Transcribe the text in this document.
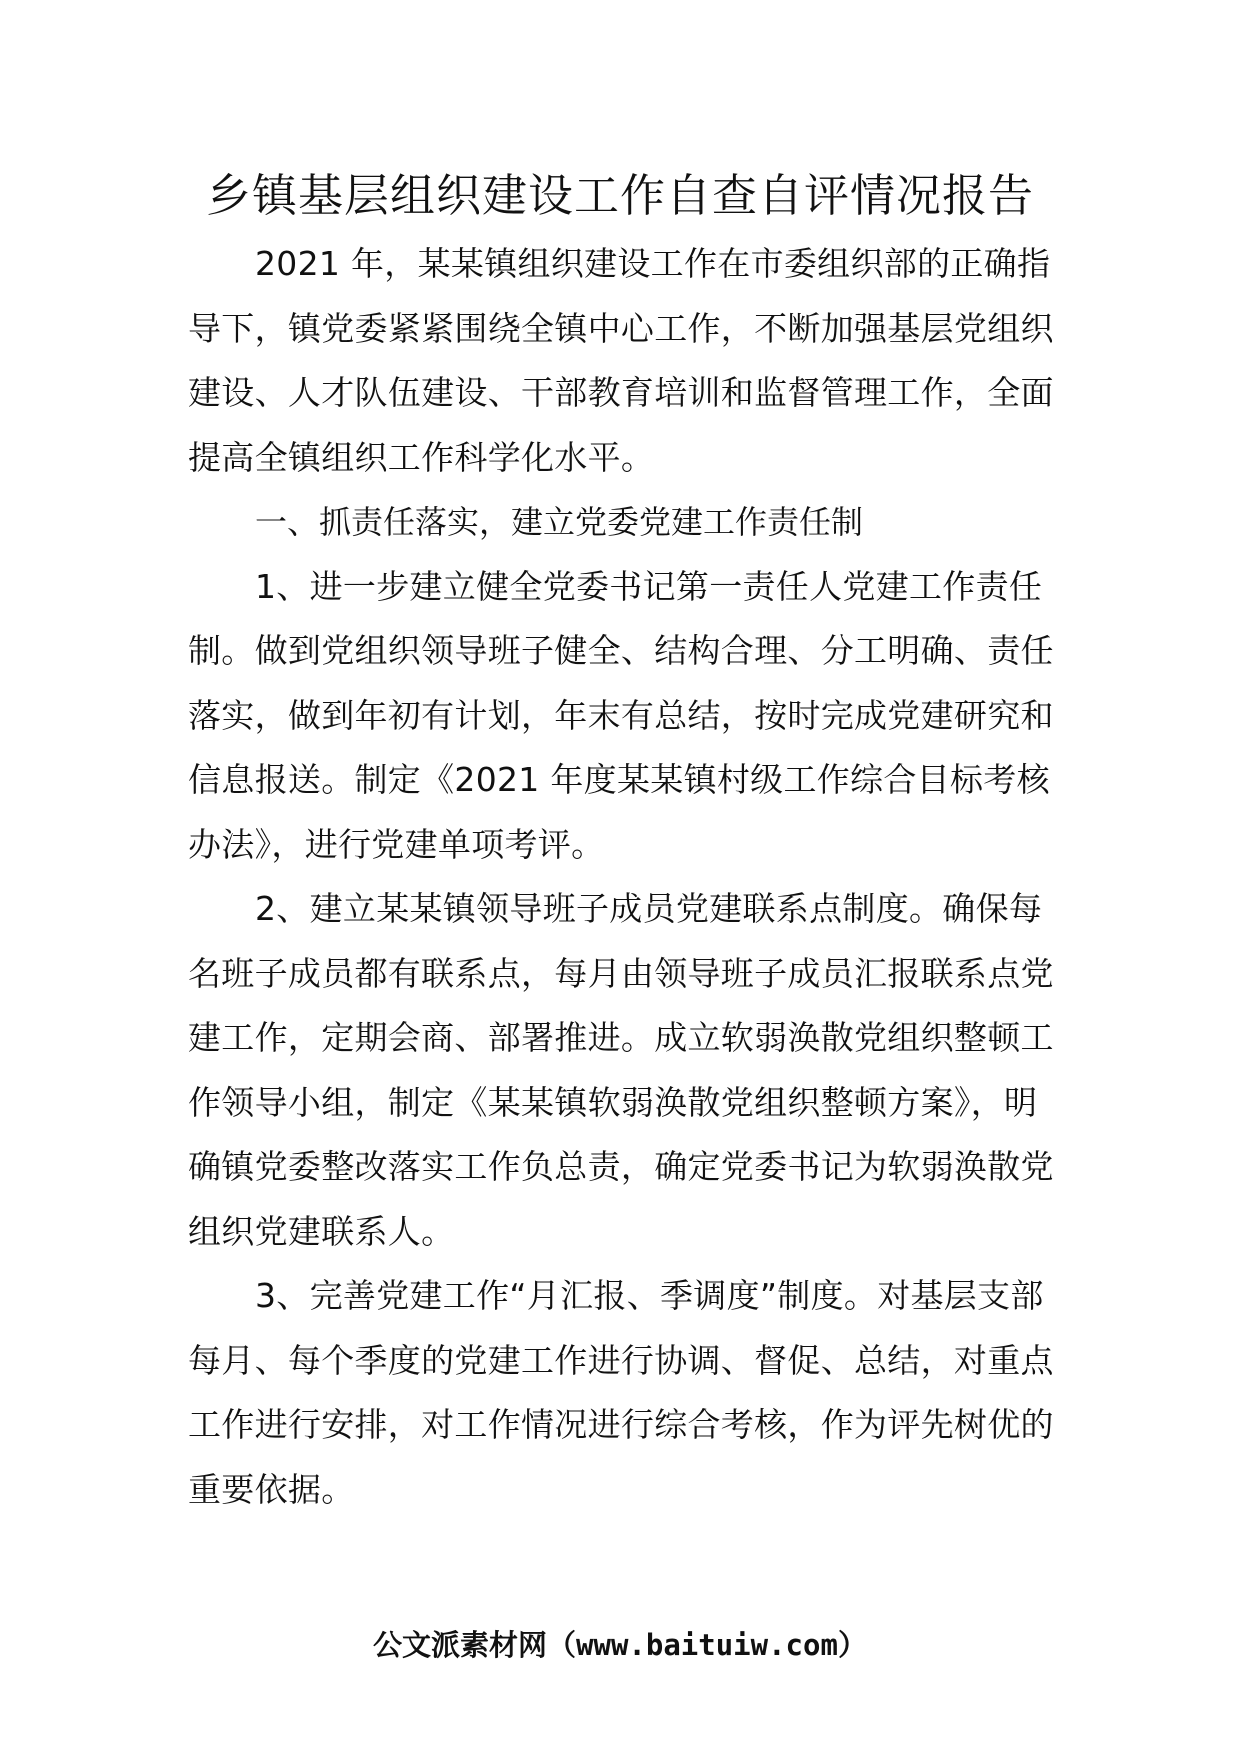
乡镇基层组织建设工作自查自评情况报告

2021 年，某某镇组织建设工作在市委组织部的正确指导下，镇党委紧紧围绕全镇中心工作，不断加强基层党组织建设、人才队伍建设、干部教育培训和监督管理工作，全面提高全镇组织工作科学化水平。

一、抓责任落实，建立党委党建工作责任制

1、进一步建立健全党委书记第一责任人党建工作责任制。做到党组织领导班子健全、结构合理、分工明确、责任落实，做到年初有计划，年末有总结，按时完成党建研究和信息报送。制定《2021 年度某某镇村级工作综合目标考核办法》，进行党建单项考评。

2、建立某某镇领导班子成员党建联系点制度。确保每名班子成员都有联系点，每月由领导班子成员汇报联系点党建工作，定期会商、部署推进。成立软弱涣散党组织整顿工作领导小组，制定《某某镇软弱涣散党组织整顿方案》，明确镇党委整改落实工作负总责，确定党委书记为软弱涣散党组织党建联系人。

3、完善党建工作“月汇报、季调度”制度。对基层支部每月、每个季度的党建工作进行协调、督促、总结，对重点工作进行安排，对工作情况进行综合考核，作为评先树优的重要依据。

公文派素材网（www.baituiw.com）
